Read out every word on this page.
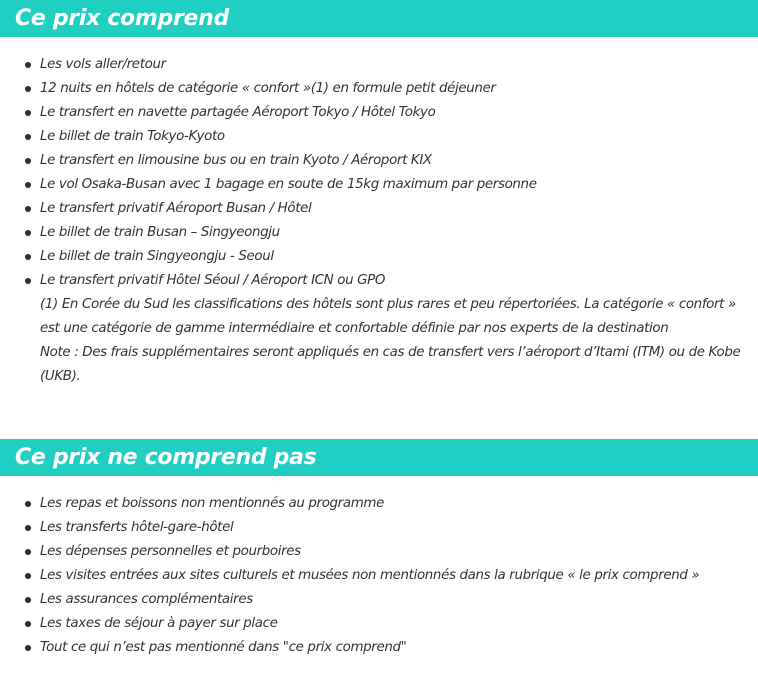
Ce prix comprend
Les vols aller/retour
12 nuits en hôtels de catégorie « confort »(1) en formule petit déjeuner
Le transfert en navette partagée Aéroport Tokyo / Hôtel Tokyo
Le billet de train Tokyo-Kyoto
Le transfert en limousine bus ou en train Kyoto / Aéroport KIX
Le vol Osaka-Busan avec 1 bagage en soute de 15kg maximum par personne
Le transfert privatif Aéroport Busan / Hôtel
Le billet de train Busan – Singyeongju
Le billet de train Singyeongju - Seoul
Le transfert privatif Hôtel Séoul / Aéroport ICN ou GPO

(1) En Corée du Sud les classifications des hôtels sont plus rares et peu répertoriées. La catégorie « confort » est une catégorie de gamme intermédiaire et confortable définie par nos experts de la destination

Note : Des frais supplémentaires seront appliqués en cas de transfert vers l’aéroport d’Itami (ITM) ou de Kobe (UKB).

Ce prix ne comprend pas
Les repas et boissons non mentionnés au programme
Les transferts hôtel-gare-hôtel
Les dépenses personnelles et pourboires
Les visites entrées aux sites culturels et musées non mentionnés dans la rubrique « le prix comprend »
Les assurances complémentaires
Les taxes de séjour à payer sur place
Tout ce qui n’est pas mentionné dans "ce prix comprend"
